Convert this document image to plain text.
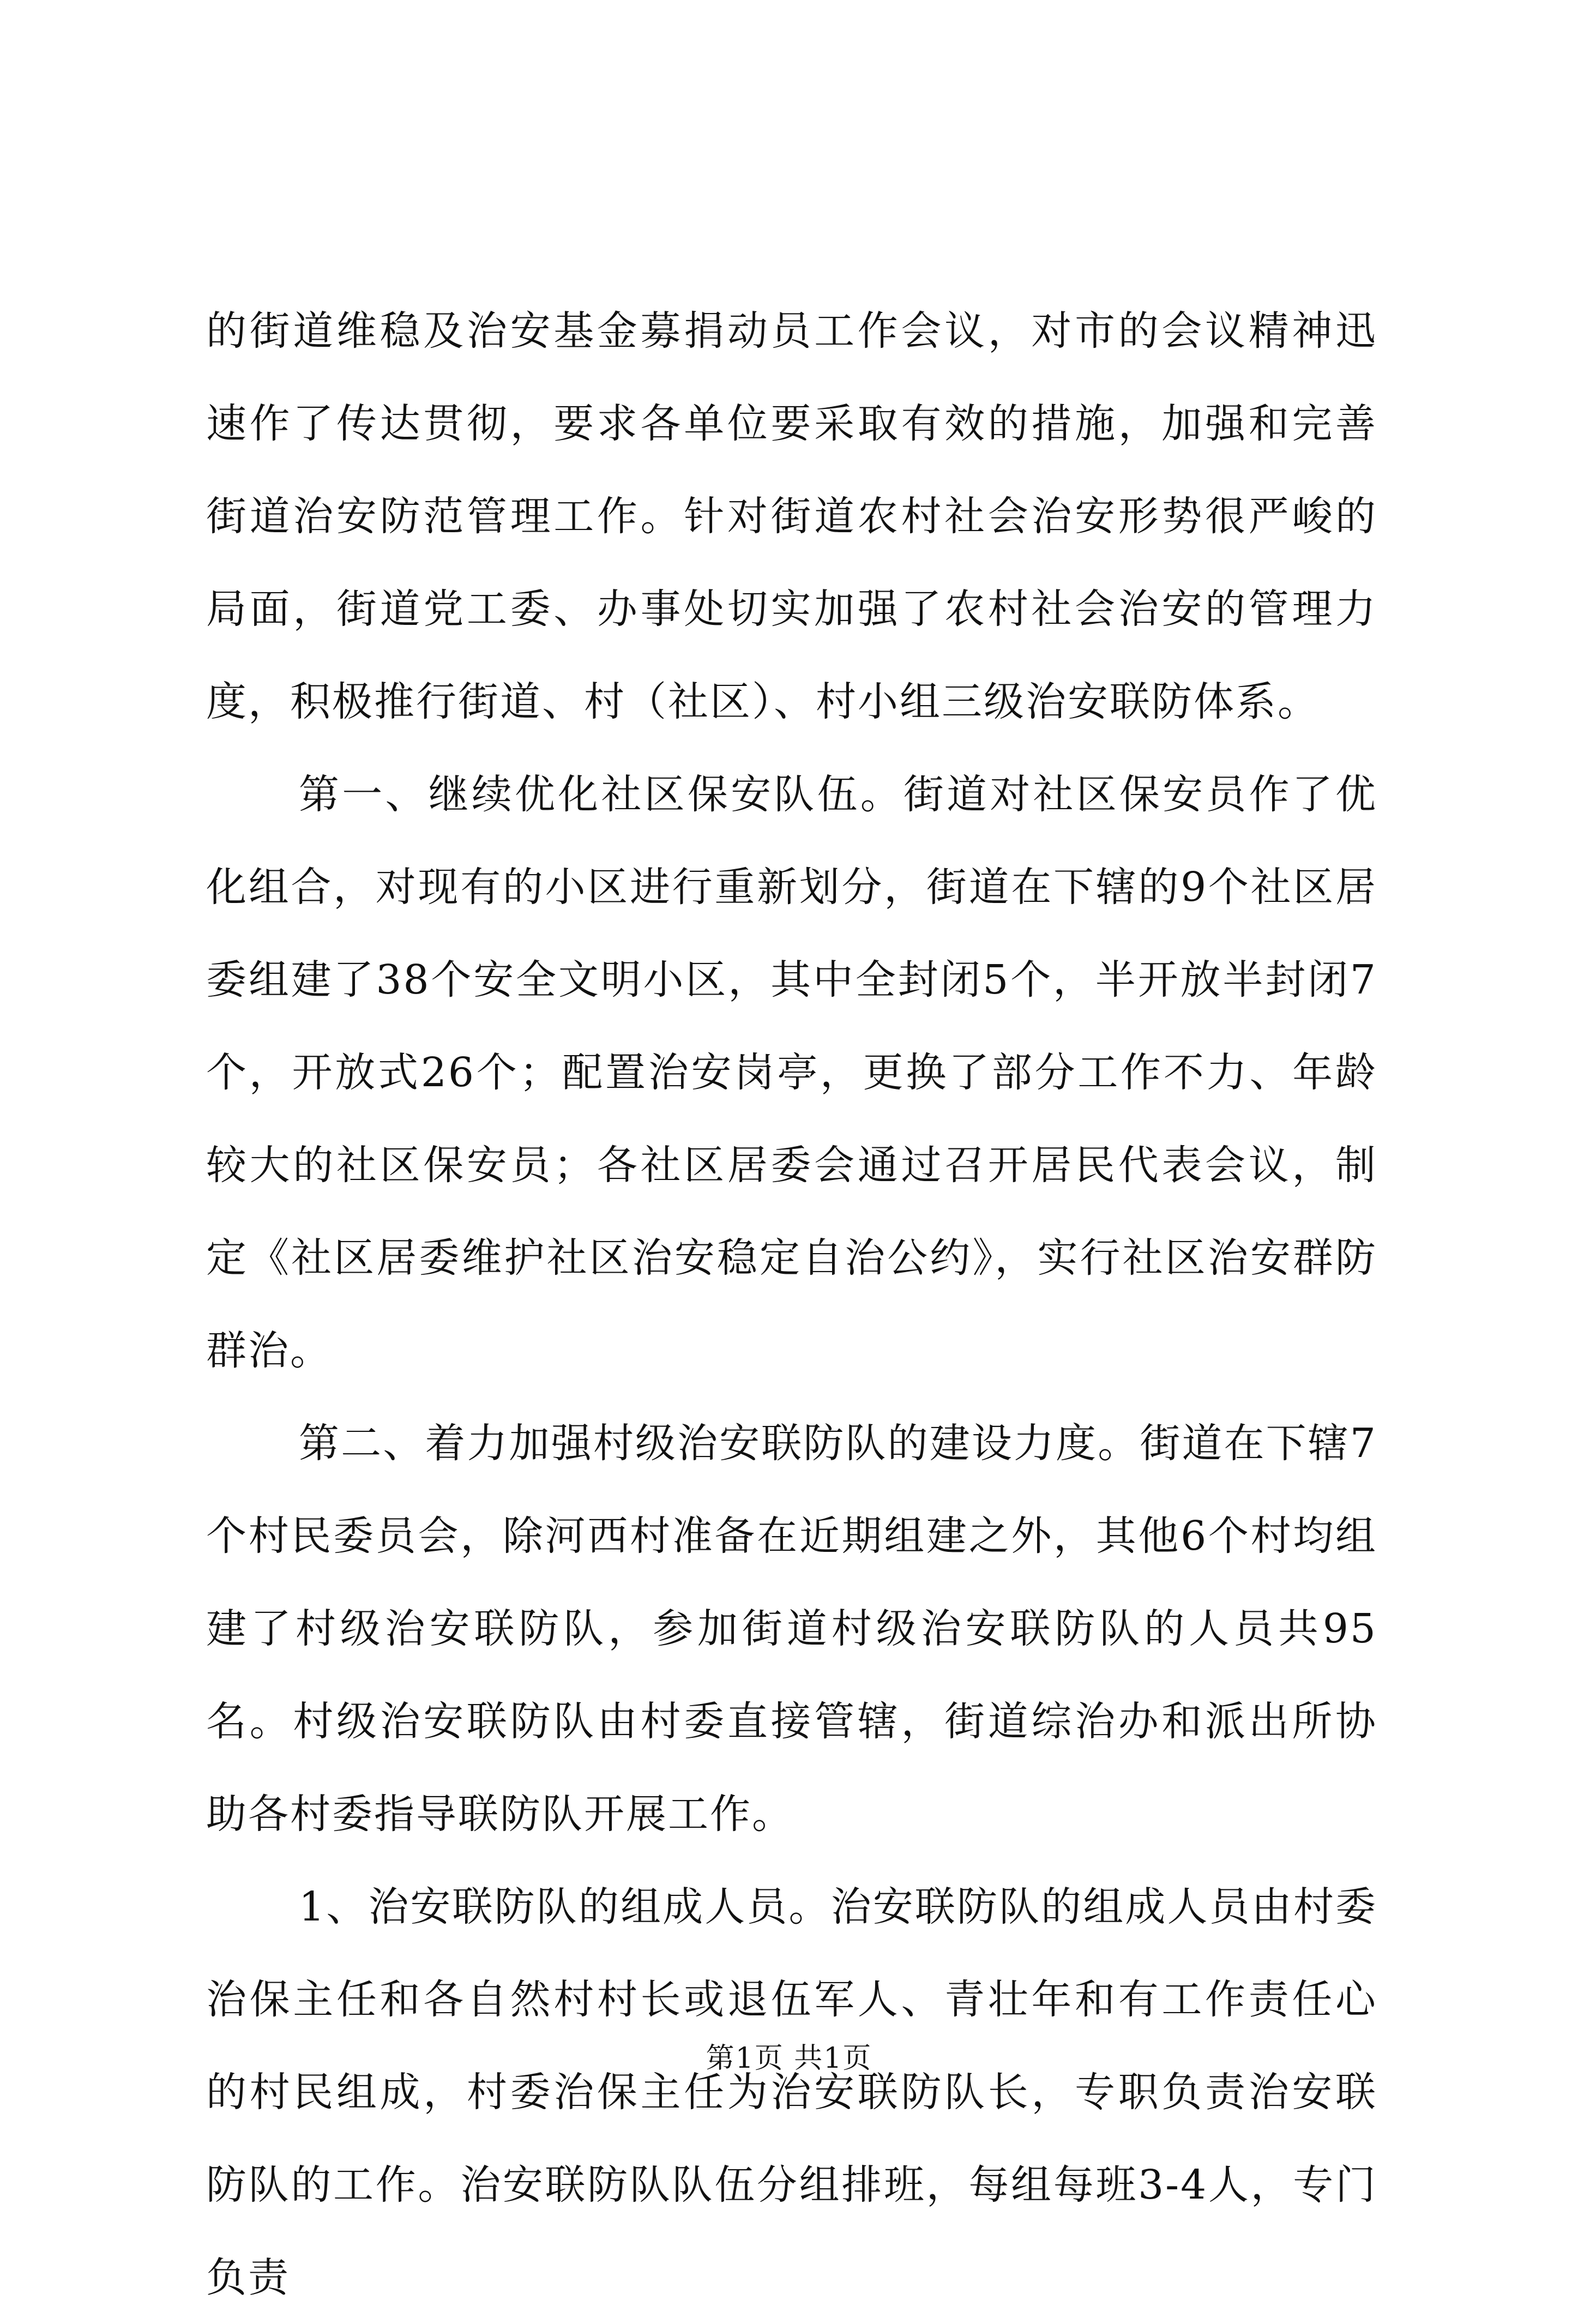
的街道维稳及治安基金募捐动员工作会议，对市的会议精神迅速作了传达贯彻，要求各单位要采取有效的措施，加强和完善街道治安防范管理工作。针对街道农村社会治安形势很严峻的局面，街道党工委、办事处切实加强了农村社会治安的管理力度，积极推行街道、村（社区）、村小组三级治安联防体系。

第一、继续优化社区保安队伍。街道对社区保安员作了优化组合，对现有的小区进行重新划分，街道在下辖的9个社区居委组建了38个安全文明小区，其中全封闭5个，半开放半封闭7个，开放式26个；配置治安岗亭，更换了部分工作不力、年龄较大的社区保安员；各社区居委会通过召开居民代表会议，制定《社区居委维护社区治安稳定自治公约》，实行社区治安群防群治。

第二、着力加强村级治安联防队的建设力度。街道在下辖7个村民委员会，除河西村准备在近期组建之外，其他6个村均组建了村级治安联防队，参加街道村级治安联防队的人员共95名。村级治安联防队由村委直接管辖，街道综治办和派出所协助各村委指导联防队开展工作。

1、治安联防队的组成人员。治安联防队的组成人员由村委治保主任和各自然村村长或退伍军人、青壮年和有工作责任心的村民组成，村委治保主任为治安联防队长，专职负责治安联防队的工作。治安联防队队伍分组排班，每组每班3-4人，专门负责

第1页 共1页
